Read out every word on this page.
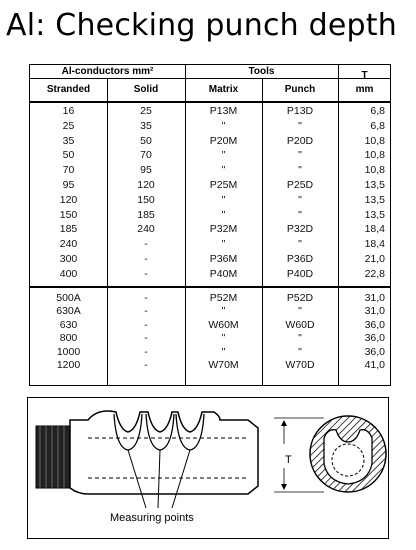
Al: Checking punch depth
Al-conductors mm²	Tools	T
Stranded	Solid	Matrix	Punch	mm
16	25	P13M	P13D	6,8
25	35	"	"	6,8
35	50	P20M	P20D	10,8
50	70	"	"	10,8
70	95	"	"	10,8
95	120	P25M	P25D	13,5
120	150	"	"	13,5
150	185	"	"	13,5
185	240	P32M	P32D	18,4
240	-	"	"	18,4
300	-	P36M	P36D	21,0
400	-	P40M	P40D	22,8
500A	-	P52M	P52D	31,0
630A	-	"	"	31,0
630	-	W60M	W60D	36,0
800	-	"	"	36,0
1000	-	"	"	36,0
1200	-	W70M	W70D	41,0
Measuring points
T
